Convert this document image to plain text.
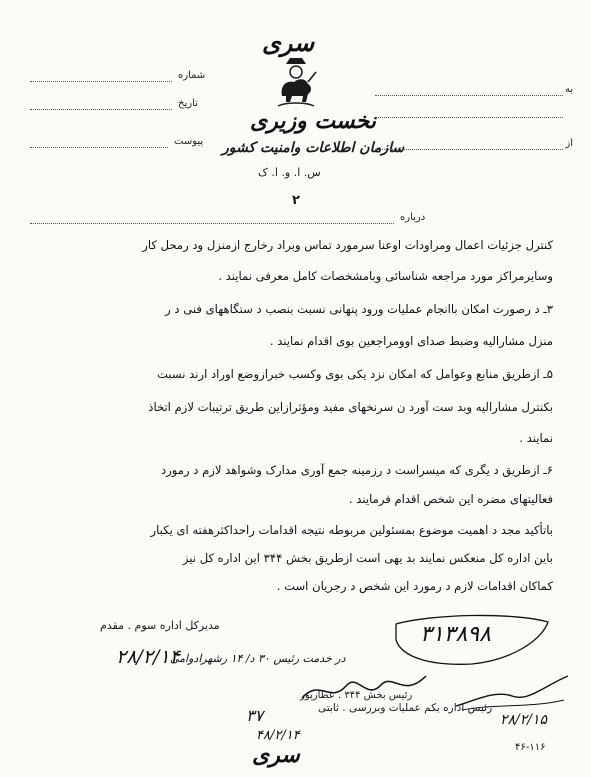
سری
نخست وزیری
سازمان اطلاعات وامنیت کشور
س. ا. و. ا. ک
به
از
شماره
تاریخ
پیوست
۲
درباره
کنترل جزئیات اعمال ومراودات اوعنا سرمورد تماس وبراد رخارج ازمنزل ود رمحل کار
وسایرمراکز مورد مراجعه شناسائی وبامشخصات کامل معرفی نمایند .
۳ـ د رصورت امکان باانجام عملیات ورود پنهانی نسبت بنصب د ستگاههای فنی د ر
منزل مشارالیه وضبط صدای اوومراجعین بوی اقدام نمایند .
۵ـ ازطریق منابع وعوامل که امکان نزد یکی بوی وکسب خبرازوضع اوراد ارند نسبت
بکنترل مشارالیه وبد ست آورد ن سرنخهای مفید ومؤثرازاین طریق ترتیبات لازم اتخاذ
نمایند .
۶ـ ازطریق د یگری که میسراست د رزمینه جمع آوری مدارک وشواهد لازم د رمورد
فعالیتهای مضره این شخص اقدام فرمایند .
باتأکید مجد د اهمیت موضوع بمسئولین مربوطه نتیجه اقدامات راحداکثرهفته ای یکبار
باین اداره کل منعکس نمایند بد یهی است ازطریق بخش ۳۴۴ این اداره کل نیز
کماکان اقدامات لازم د رمورد این شخص د رجریان است .
مدیرکل اداره سوم . مقدم	۳۱۳۸۹۸
۲۸/۲/۱۴
در خدمت رئیس ۳۰ د/ ۱۴ رشهرادوامی
رئیس بخش ۳۴۴ . عطارپور
۲۸/۲/۱۵
رئیس اداره یکم عملیات وبررسی . ثابتی
۳۷
۴۸/۲/۱۴
سری	۴۶-۱۱۶
